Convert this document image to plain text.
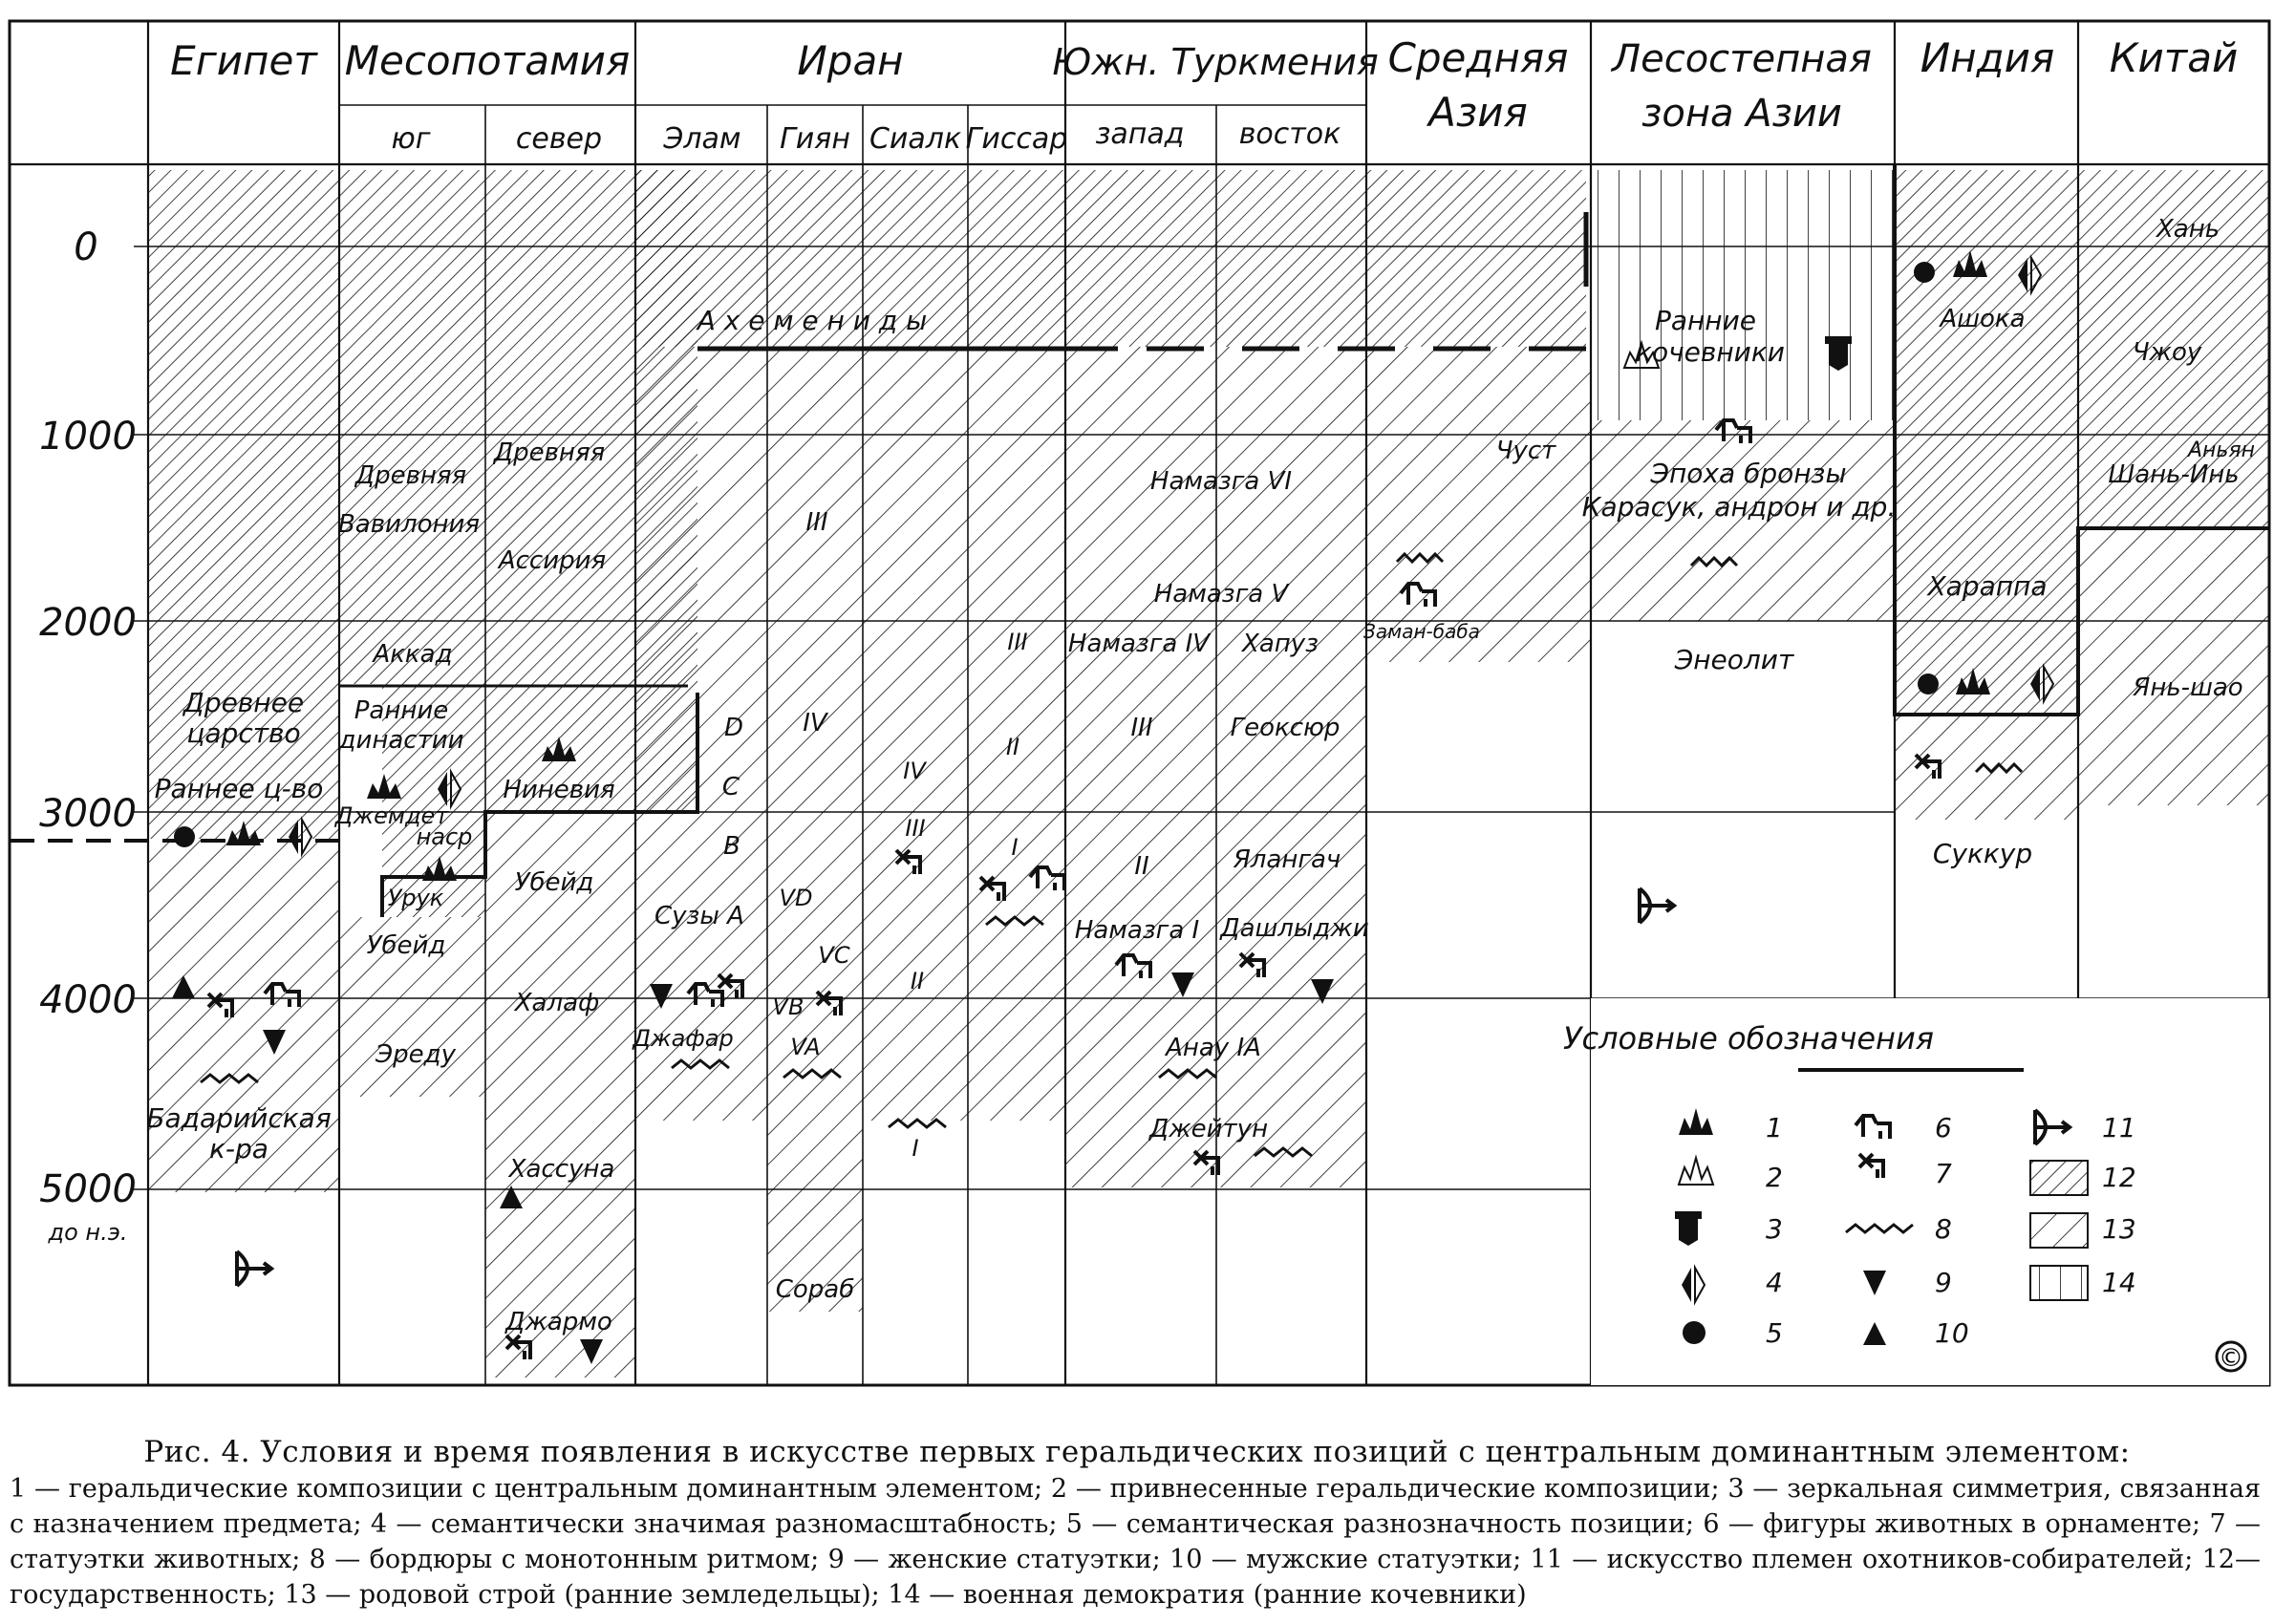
Египет Месопотамия
юг	север
Иран
Элам Гиян Сиалк Гиссар
Южн. Туркмения
запад восток
Средняя
Азия
Лесостепная
зона Азии
Индия Китай
0
1000
2000
3000
4000
5000
до н.э.
А х е м е н и д ы
Древнее
царство
Раннее ц-во
Бадарийская
к-ра
Древняя
Вавилония
Аккад
Ранние
династии
Джемдет
наср
Урук
Убейд
Эреду
Древняя
Ассирия
Ниневия
Убейд
Халаф
Хассуна
Джармо
D
C
B
Сузы А
Джафар
III
IV
VD
VC
VB
VA
IV
III
II
I
Сораб
III
II
I
Намазга VI
Намазга V
Намазга IV
III
II
Намазга I
Анау IA
Джейтун
Хапуз
Геоксюр
Ялангач
Дашлыджи
Чуст
Заман-баба
Ранние
кочевники
Эпоха бронзы
Карасук, андрон и др.
Энеолит
Ашока
Хараппа
Суккур
Хань
Чжоу
Аньян
Шань-Инь
Янь-шао
Условные обозначения
1
2
3
4
5
6
7
8
9
10
11
12
13
14
©
Рис. 4. Условия и время появления в искусстве первых геральдических позиций с центральным доминантным элементом:
1 — геральдические композиции с центральным доминантным элементом; 2 — привнесенные геральдические композиции; 3 — зеркальная симметрия, связанная с назначением предмета; 4 — семантически значимая разномасштабность; 5 — семантическая разнозначность позиции; 6 — фигуры животных в орнаменте; 7 — статуэтки животных; 8 — бордюры с монотонным ритмом; 9 — женские статуэтки; 10 — мужские статуэтки; 11 — искусство племен охотников-собирателей; 12— государственность; 13 — родовой строй (ранние земледельцы); 14 — военная демократия (ранние кочевники)
